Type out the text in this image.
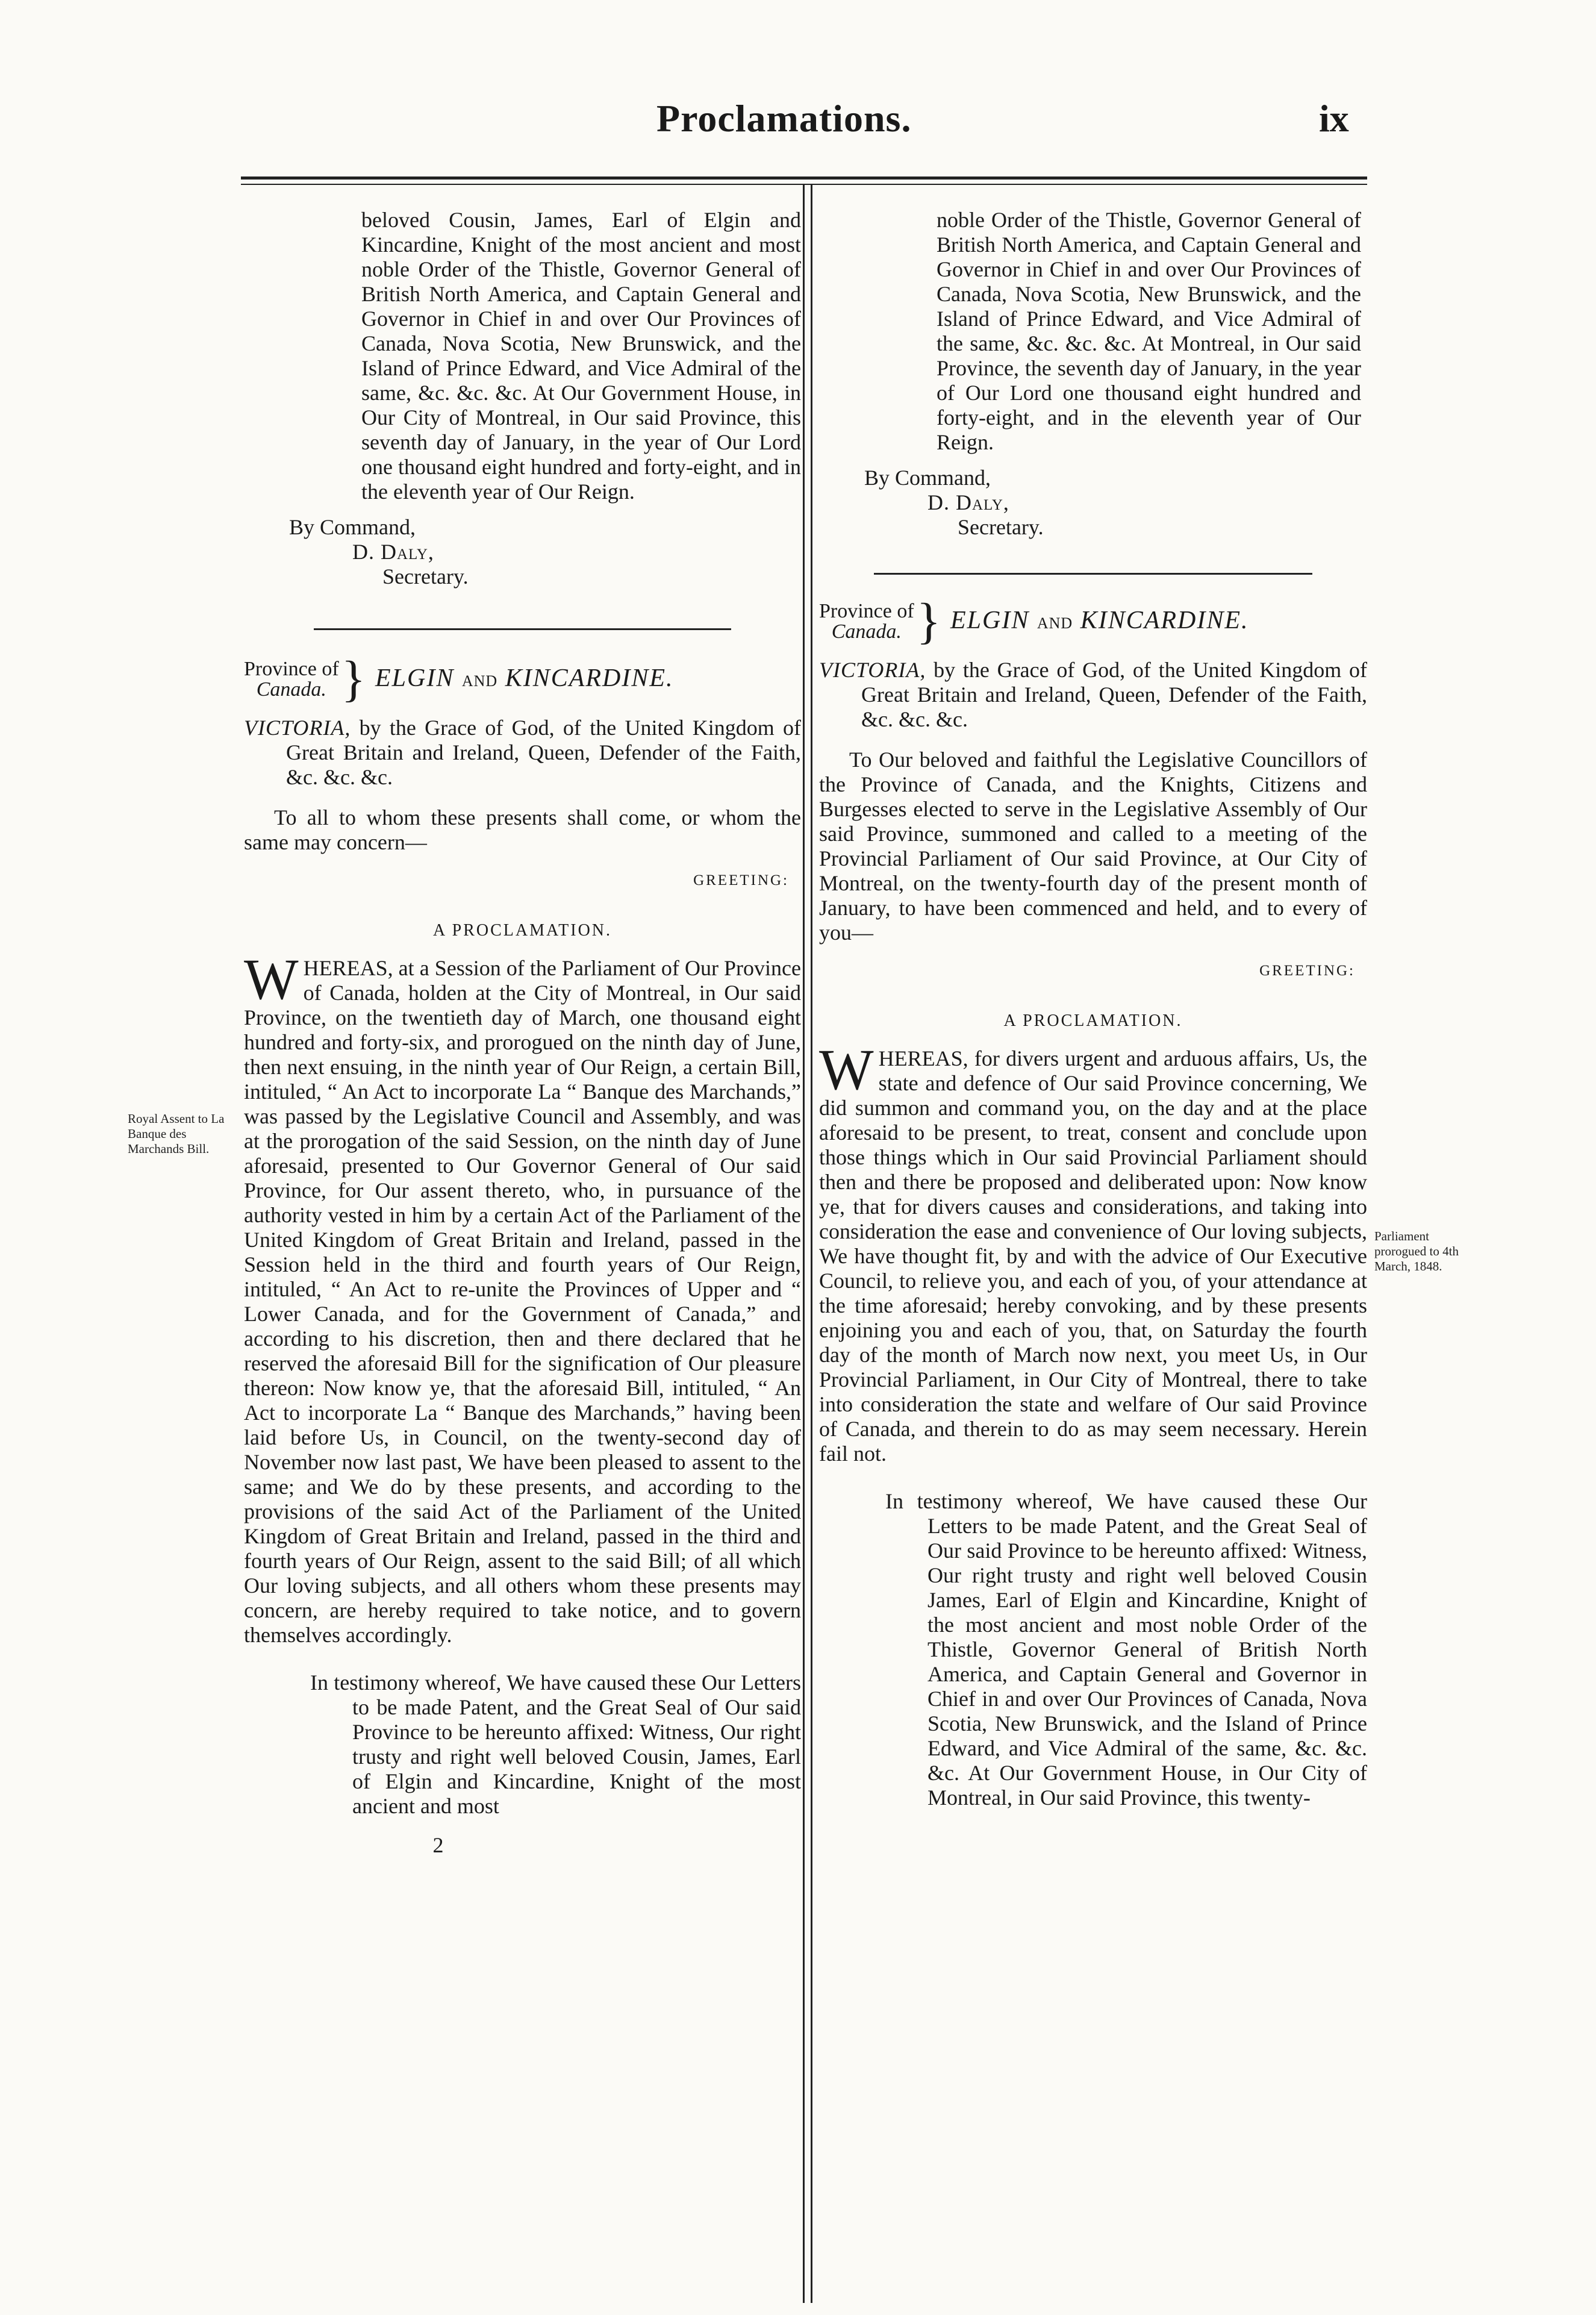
Proclamations.	ix
Royal Assent to La Banque des Marchands Bill.
Parliament prorogued to 4th March, 1848.

beloved Cousin, James, Earl of Elgin and Kincardine, Knight of the most ancient and most noble Order of the Thistle, Governor General of British North America, and Captain General and Governor in Chief in and over Our Provinces of Canada, Nova Scotia, New Brunswick, and the Island of Prince Edward, and Vice Admiral of the same, &c. &c. &c. At Our Government House, in Our City of Montreal, in Our said Province, this seventh day of January, in the year of Our Lord one thousand eight hundred and forty-eight, and in the eleventh year of Our Reign.

By Command,

D. Daly,

Secretary.

Province of
Canada. } ELGIN AND KINCARDINE.

VICTORIA, by the Grace of God, of the United Kingdom of Great Britain and Ireland, Queen, Defender of the Faith, &c. &c. &c.

To all to whom these presents shall come, or whom the same may concern—

GREETING:

A PROCLAMATION.

WHEREAS, at a Session of the Parliament of Our Province of Canada, holden at the City of Montreal, in Our said Province, on the twentieth day of March, one thousand eight hundred and forty-six, and prorogued on the ninth day of June, then next ensuing, in the ninth year of Our Reign, a certain Bill, intituled, “ An Act to incorporate La “ Banque des Marchands,” was passed by the Legislative Council and Assembly, and was at the prorogation of the said Session, on the ninth day of June aforesaid, presented to Our Governor General of Our said Province, for Our assent thereto, who, in pursuance of the authority vested in him by a certain Act of the Parliament of the United Kingdom of Great Britain and Ireland, passed in the Session held in the third and fourth years of Our Reign, intituled, “ An Act to re-unite the Provinces of Upper and “ Lower Canada, and for the Government of Canada,” and according to his discretion, then and there declared that he reserved the aforesaid Bill for the signification of Our pleasure thereon: Now know ye, that the aforesaid Bill, intituled, “ An Act to incorporate La “ Banque des Marchands,” having been laid before Us, in Council, on the twenty-second day of November now last past, We have been pleased to assent to the same; and We do by these presents, and according to the provisions of the said Act of the Parliament of the United Kingdom of Great Britain and Ireland, passed in the third and fourth years of Our Reign, assent to the said Bill; of all which Our loving subjects, and all others whom these presents may concern, are hereby required to take notice, and to govern themselves accordingly.

In testimony whereof, We have caused these Our Letters to be made Patent, and the Great Seal of Our said Province to be hereunto affixed: Witness, Our right trusty and right well beloved Cousin, James, Earl of Elgin and Kincardine, Knight of the most ancient and most

2

noble Order of the Thistle, Governor General of British North America, and Captain General and Governor in Chief in and over Our Provinces of Canada, Nova Scotia, New Brunswick, and the Island of Prince Edward, and Vice Admiral of the same, &c. &c. &c. At Montreal, in Our said Province, the seventh day of January, in the year of Our Lord one thousand eight hundred and forty-eight, and in the eleventh year of Our Reign.

By Command,

D. Daly,

Secretary.

Province of
Canada. } ELGIN AND KINCARDINE.

VICTORIA, by the Grace of God, of the United Kingdom of Great Britain and Ireland, Queen, Defender of the Faith, &c. &c. &c.

To Our beloved and faithful the Legislative Councillors of the Province of Canada, and the Knights, Citizens and Burgesses elected to serve in the Legislative Assembly of Our said Province, summoned and called to a meeting of the Provincial Parliament of Our said Province, at Our City of Montreal, on the twenty-fourth day of the present month of January, to have been commenced and held, and to every of you—

GREETING:

A PROCLAMATION.

WHEREAS, for divers urgent and arduous affairs, Us, the state and defence of Our said Province concerning, We did summon and command you, on the day and at the place aforesaid to be present, to treat, consent and conclude upon those things which in Our said Provincial Parliament should then and there be proposed and deliberated upon: Now know ye, that for divers causes and considerations, and taking into consideration the ease and convenience of Our loving subjects, We have thought fit, by and with the advice of Our Executive Council, to relieve you, and each of you, of your attendance at the time aforesaid; hereby convoking, and by these presents enjoining you and each of you, that, on Saturday the fourth day of the month of March now next, you meet Us, in Our Provincial Parliament, in Our City of Montreal, there to take into consideration the state and welfare of Our said Province of Canada, and therein to do as may seem necessary. Herein fail not.

In testimony whereof, We have caused these Our Letters to be made Patent, and the Great Seal of Our said Province to be hereunto affixed: Witness, Our right trusty and right well beloved Cousin James, Earl of Elgin and Kincardine, Knight of the most ancient and most noble Order of the Thistle, Governor General of British North America, and Captain General and Governor in Chief in and over Our Provinces of Canada, Nova Scotia, New Brunswick, and the Island of Prince Edward, and Vice Admiral of the same, &c. &c. &c. At Our Government House, in Our City of Montreal, in Our said Province, this twenty-
